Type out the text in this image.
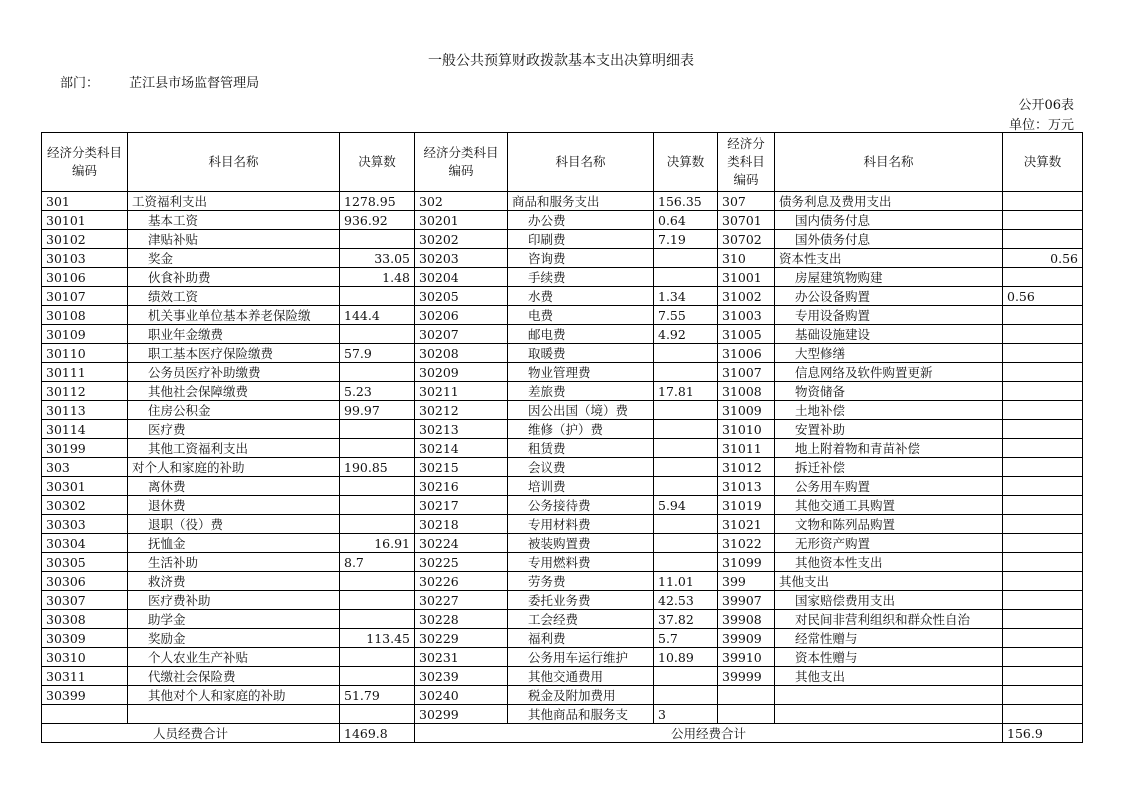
一般公共预算财政拨款基本支出决算明细表
部门： 芷江县市场监督管理局
公开06表
单位：万元
经济分类科目编码	科目名称	决算数	经济分类科目编码	科目名称	决算数	经济分类科目编码	科目名称	决算数
301	工资福利支出	1278.95	302	商品和服务支出	156.35	307	债务利息及费用支出	
30101	基本工资	936.92	30201	办公费	0.64	30701	国内债务付息	
30102	津贴补贴		30202	印刷费	7.19	30702	国外债务付息	
30103	奖金	33.05	30203	咨询费		310	资本性支出	0.56
30106	伙食补助费	1.48	30204	手续费		31001	房屋建筑物购建	
30107	绩效工资		30205	水费	1.34	31002	办公设备购置	0.56
30108	机关事业单位基本养老保险缴	144.4	30206	电费	7.55	31003	专用设备购置	
30109	职业年金缴费		30207	邮电费	4.92	31005	基础设施建设	
30110	职工基本医疗保险缴费	57.9	30208	取暖费		31006	大型修缮	
30111	公务员医疗补助缴费		30209	物业管理费		31007	信息网络及软件购置更新	
30112	其他社会保障缴费	5.23	30211	差旅费	17.81	31008	物资储备	
30113	住房公积金	99.97	30212	因公出国（境）费		31009	土地补偿	
30114	医疗费		30213	维修（护）费		31010	安置补助	
30199	其他工资福利支出		30214	租赁费		31011	地上附着物和青苗补偿	
303	对个人和家庭的补助	190.85	30215	会议费		31012	拆迁补偿	
30301	离休费		30216	培训费		31013	公务用车购置	
30302	退休费		30217	公务接待费	5.94	31019	其他交通工具购置	
30303	退职（役）费		30218	专用材料费		31021	文物和陈列品购置	
30304	抚恤金	16.91	30224	被装购置费		31022	无形资产购置	
30305	生活补助	8.7	30225	专用燃料费		31099	其他资本性支出	
30306	救济费		30226	劳务费	11.01	399	其他支出	
30307	医疗费补助		30227	委托业务费	42.53	39907	国家赔偿费用支出	
30308	助学金		30228	工会经费	37.82	39908	对民间非营利组织和群众性自治	
30309	奖励金	113.45	30229	福利费	5.7	39909	经常性赠与	
30310	个人农业生产补贴		30231	公务用车运行维护	10.89	39910	资本性赠与	
30311	代缴社会保险费		30239	其他交通费用		39999	其他支出	
30399	其他对个人和家庭的补助	51.79	30240	税金及附加费用				
			30299	其他商品和服务支	3			
人员经费合计		1469.8	公用经费合计					156.9
